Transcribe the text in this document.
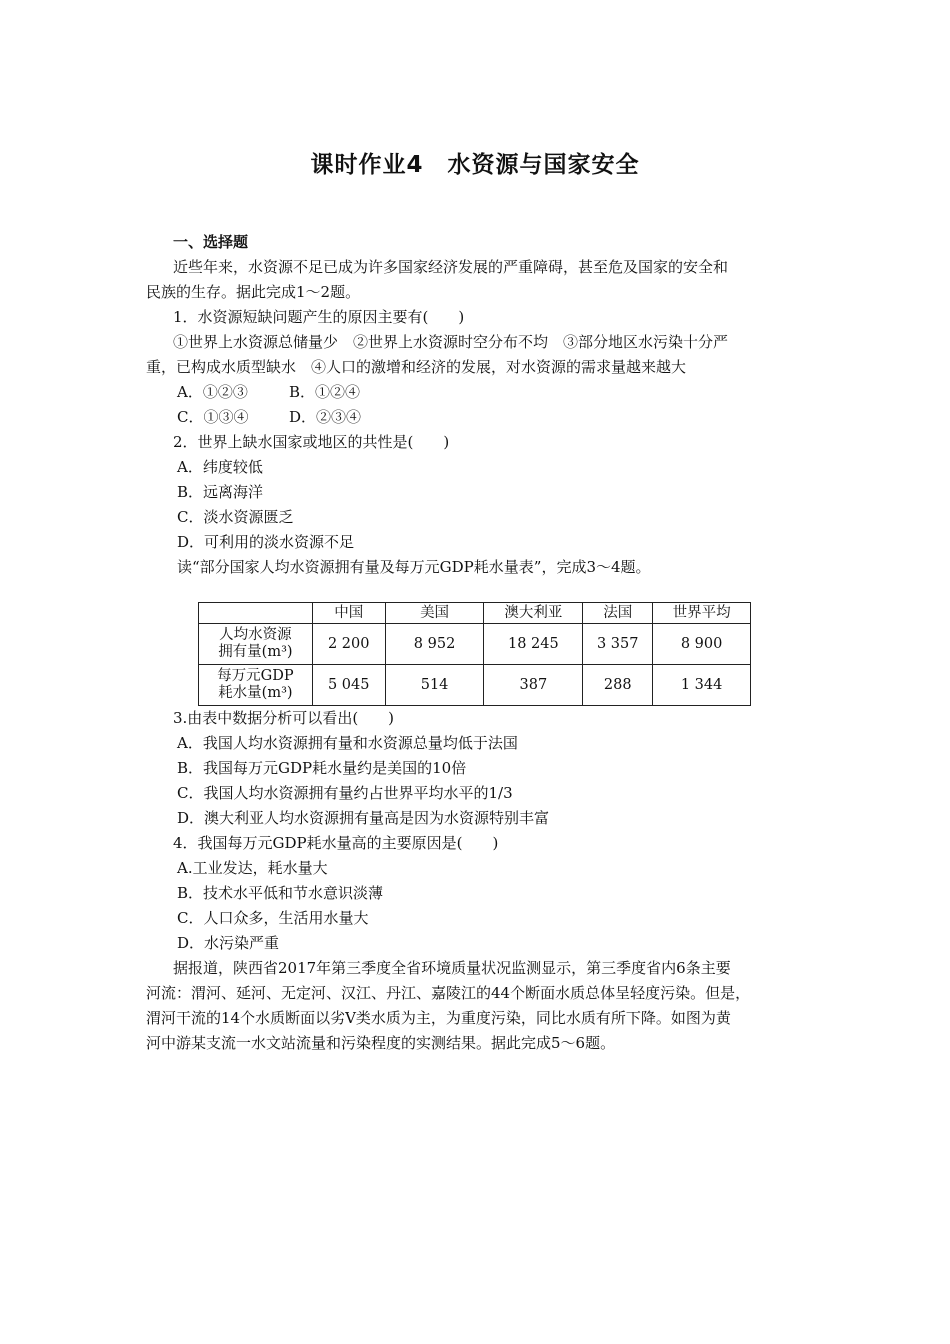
课时作业4　水资源与国家安全
一、选择题
近些年来，水资源不足已成为许多国家经济发展的严重障碍，甚至危及国家的安全和
民族的生存。据此完成1～2题。
1．水资源短缺问题产生的原因主要有(　　)
①世界上水资源总储量少　②世界上水资源时空分布不均　③部分地区水污染十分严
重，已构成水质型缺水　④人口的激增和经济的发展，对水资源的需求量越来越大
A．①②③	B．①②④
C．①③④	D．②③④
2．世界上缺水国家或地区的共性是(　　)
A．纬度较低
B．远离海洋
C．淡水资源匮乏
D．可利用的淡水资源不足
读“部分国家人均水资源拥有量及每万元GDP耗水量表”，完成3～4题。
	中国	美国	澳大利亚	法国	世界平均
人均水资源
拥有量(m³)	2 200	8 952	18 245	3 357	8 900
每万元GDP
耗水量(m³)	5 045	514	387	288	1 344
3.由表中数据分析可以看出(　　)
A．我国人均水资源拥有量和水资源总量均低于法国
B．我国每万元GDP耗水量约是美国的10倍
C．我国人均水资源拥有量约占世界平均水平的1/3
D．澳大利亚人均水资源拥有量高是因为水资源特别丰富
4．我国每万元GDP耗水量高的主要原因是(　　)
A.工业发达，耗水量大
B．技术水平低和节水意识淡薄
C．人口众多，生活用水量大
D．水污染严重
据报道，陕西省2017年第三季度全省环境质量状况监测显示，第三季度省内6条主要
河流：渭河、延河、无定河、汉江、丹江、嘉陵江的44个断面水质总体呈轻度污染。但是，
渭河干流的14个水质断面以劣V类水质为主，为重度污染，同比水质有所下降。如图为黄
河中游某支流一水文站流量和污染程度的实测结果。据此完成5～6题。
